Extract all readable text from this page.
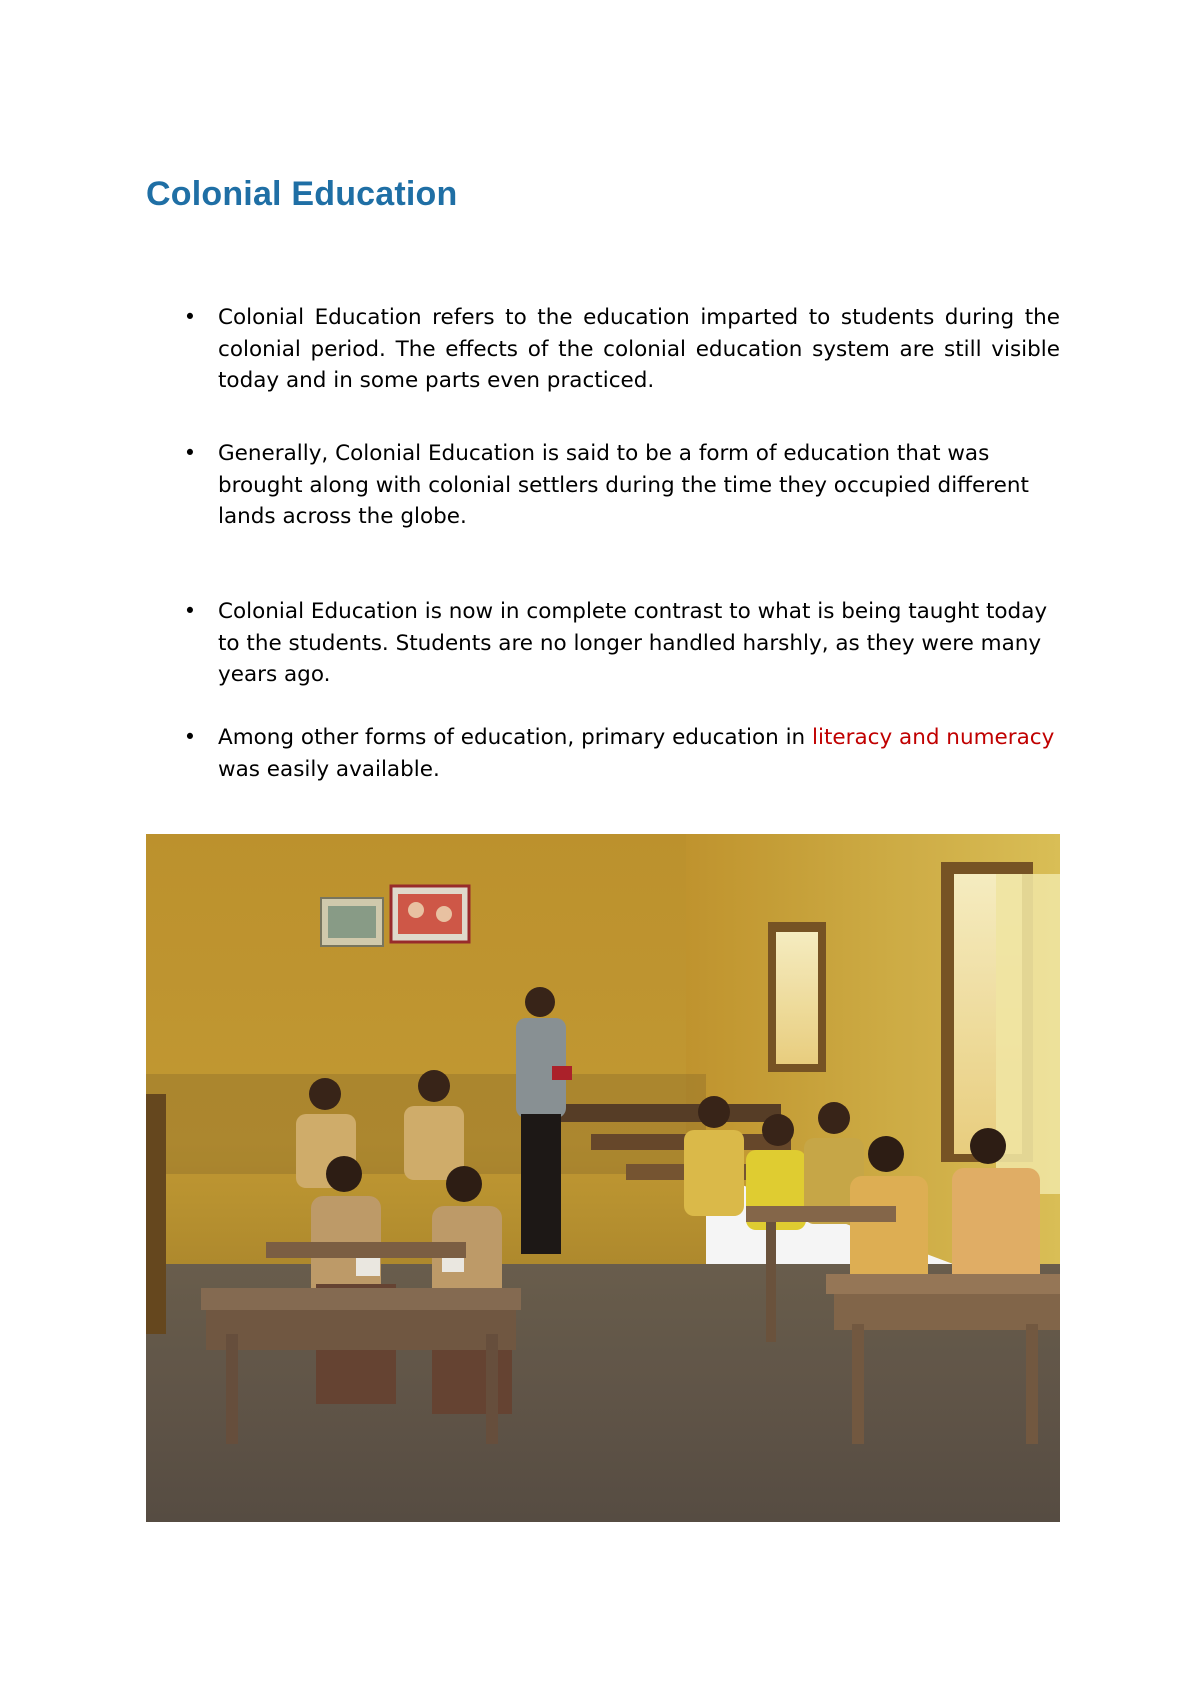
Colonial Education
• Colonial Education refers to the education imparted to students during the colonial period. The effects of the colonial education system are still visible today and in some parts even practiced.
• Generally, Colonial Education is said to be a form of education that was brought along with colonial settlers during the time they occupied different lands across the globe.
• Colonial Education is now in complete contrast to what is being taught today to the students. Students are no longer handled harshly, as they were many years ago.
• Among other forms of education, primary education in literacy and numeracy was easily available.
